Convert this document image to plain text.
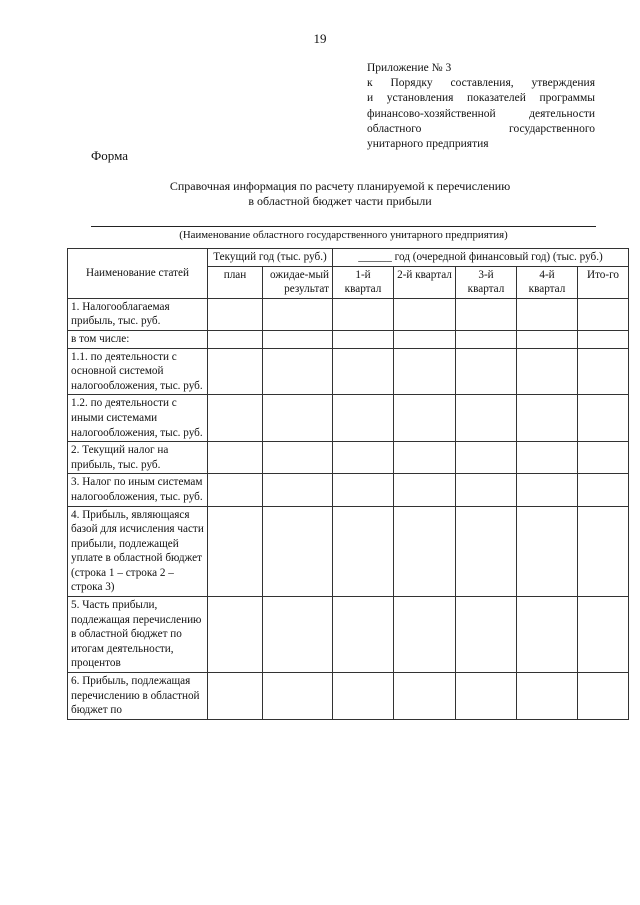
19
Приложение № 3
к Порядку составления, утверждения
и установления показателей программы
финансово-хозяйственной деятельности
областного государственного
унитарного предприятия
Форма
Справочная информация по расчету планируемой к перечислению
в областной бюджет части прибыли
(Наименование областного государственного унитарного предприятия)
Наименование статей	Текущий год (тыс. руб.)		______ год (очередной финансовый год) (тыс. руб.)				
	план	ожидае-мый результат	1-й квартал	2-й квартал	3-й квартал	4-й квартал	Ито-го
1. Налогооблагаемая прибыль, тыс. руб.							
в том числе:							
1.1. по деятельности с основной системой налогообложения, тыс. руб.							
1.2. по деятельности с иными системами налогообложения, тыс. руб.							
2. Текущий налог на прибыль, тыс. руб.							
3. Налог по иным системам налогообложения, тыс. руб.							
4. Прибыль, являющаяся базой для исчисления части прибыли, подлежащей уплате в областной бюджет (строка 1 – строка 2 – строка 3)							
5. Часть прибыли, подлежащая перечислению в областной бюджет по итогам деятельности, процентов							
6. Прибыль, подлежащая перечислению в областной бюджет по							
